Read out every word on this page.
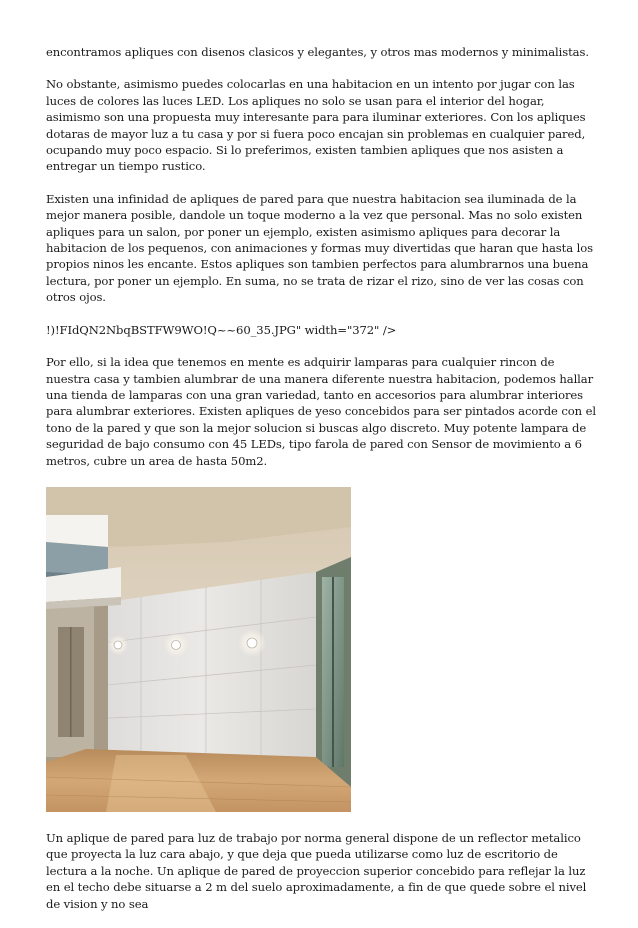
encontramos apliques con disenos clasicos y elegantes, y otros mas modernos y minimalistas.

No obstante, asimismo puedes colocarlas en una habitacion en un intento por jugar con las luces de colores las luces LED. Los apliques no solo se usan para el interior del hogar, asimismo son una propuesta muy interesante para para iluminar exteriores. Con los apliques dotaras de mayor luz a tu casa y por si fuera poco encajan sin problemas en cualquier pared, ocupando muy poco espacio. Si lo preferimos, existen tambien apliques que nos asisten a entregar un tiempo rustico.

Existen una infinidad de apliques de pared para que nuestra habitacion sea iluminada de la mejor manera posible, dandole un toque moderno a la vez que personal. Mas no solo existen apliques para un salon, por poner un ejemplo, existen asimismo apliques para decorar la habitacion de los pequenos, con animaciones y formas muy divertidas que haran que hasta los propios ninos les encante. Estos apliques son tambien perfectos para alumbrarnos una buena lectura, por poner un ejemplo. En suma, no se trata de rizar el rizo, sino de ver las cosas con otros ojos.

!)!FIdQN2NbqBSTFW9WO!Q~~60_35.JPG" width="372" />

Por ello, si la idea que tenemos en mente es adquirir lamparas para cualquier rincon de nuestra casa y tambien alumbrar de una manera diferente nuestra habitacion, podemos hallar una tienda de lamparas con una gran variedad, tanto en accesorios para alumbrar interiores para alumbrar exteriores. Existen apliques de yeso concebidos para ser pintados acorde con el tono de la pared y que son la mejor solucion si buscas algo discreto. Muy potente lampara de seguridad de bajo consumo con 45 LEDs, tipo farola de pared con Sensor de movimiento a 6 metros, cubre un area de hasta 50m2.

Un aplique de pared para luz de trabajo por norma general dispone de un reflector metalico que proyecta la luz cara abajo, y que deja que pueda utilizarse como luz de escritorio de lectura a la noche. Un aplique de pared de proyeccion superior concebido para reflejar la luz en el techo debe situarse a 2 m del suelo aproximadamente, a fin de que quede sobre el nivel de vision y no sea
